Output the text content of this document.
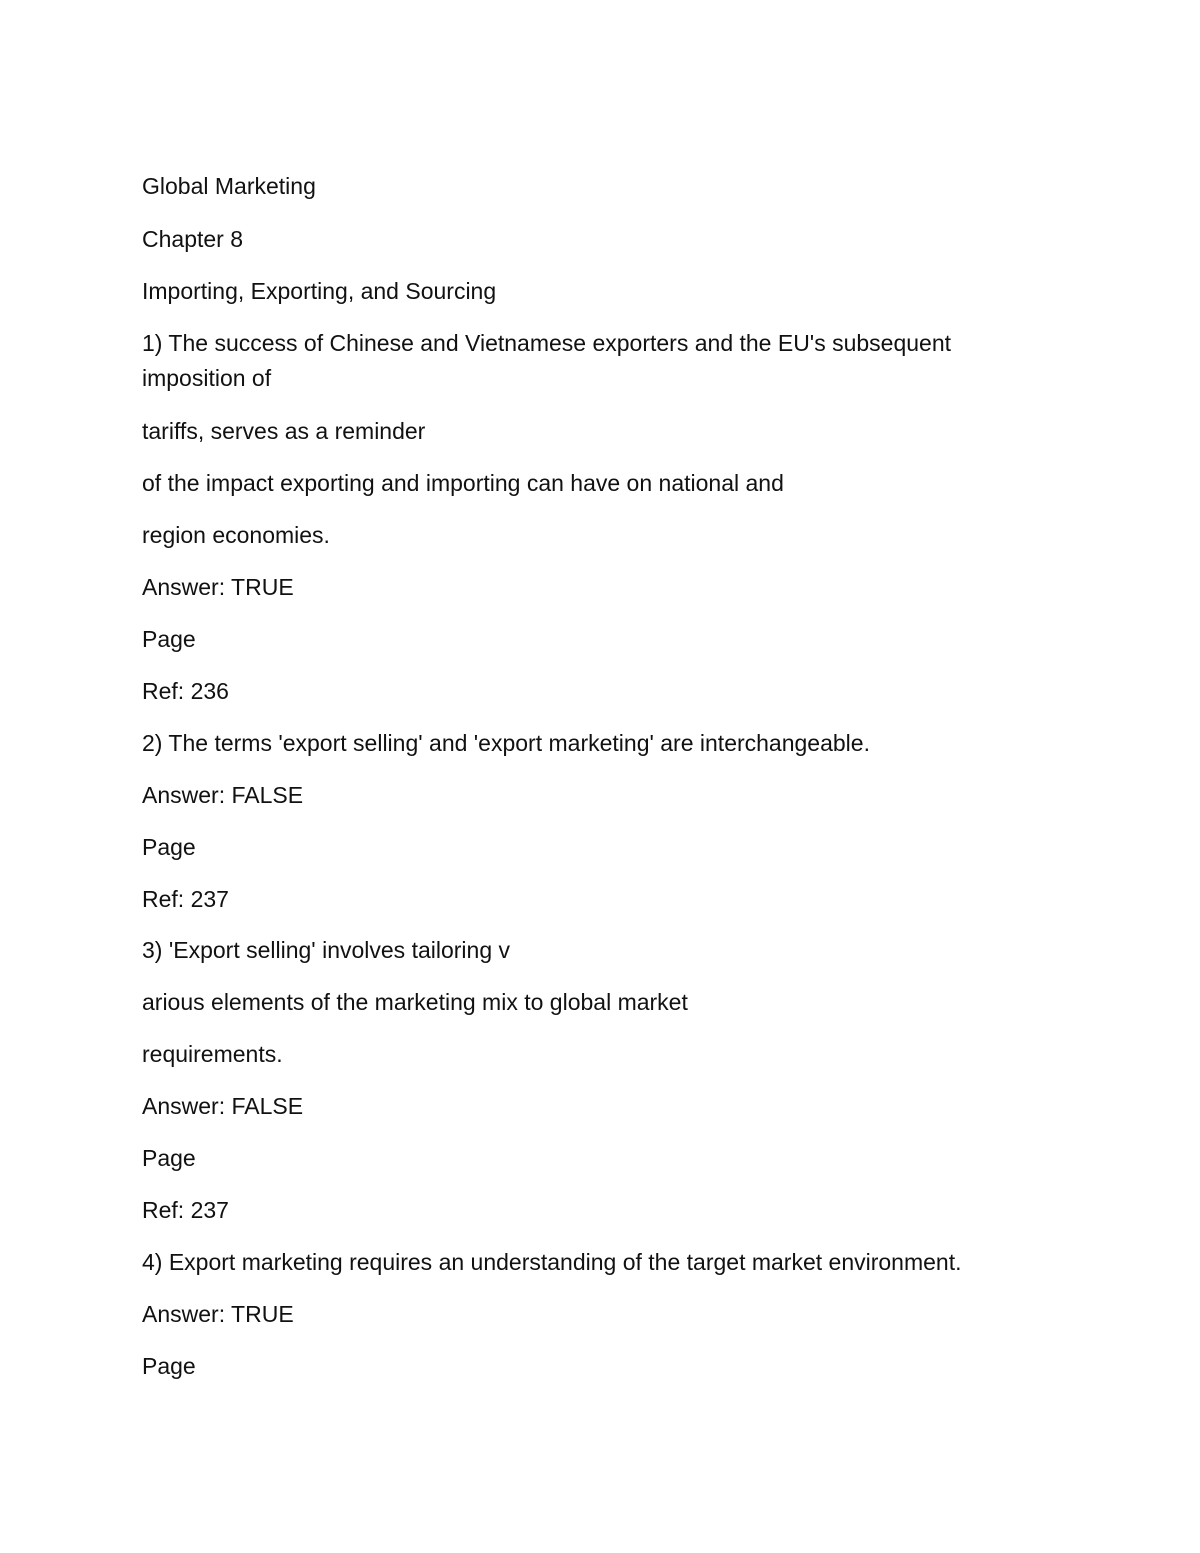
Global Marketing

Chapter 8

Importing, Exporting, and Sourcing

1) The success of Chinese and Vietnamese exporters and the EU's subsequent

imposition of

tariffs, serves as a reminder

of the impact exporting and importing can have on national and

region economies.

Answer: TRUE

Page

Ref: 236

2) The terms 'export selling' and 'export marketing' are interchangeable.

Answer: FALSE

Page

Ref: 237

3) 'Export selling' involves tailoring v

arious elements of the marketing mix to global market

requirements.

Answer: FALSE

Page

Ref: 237

4) Export marketing requires an understanding of the target market environment.

Answer: TRUE

Page
